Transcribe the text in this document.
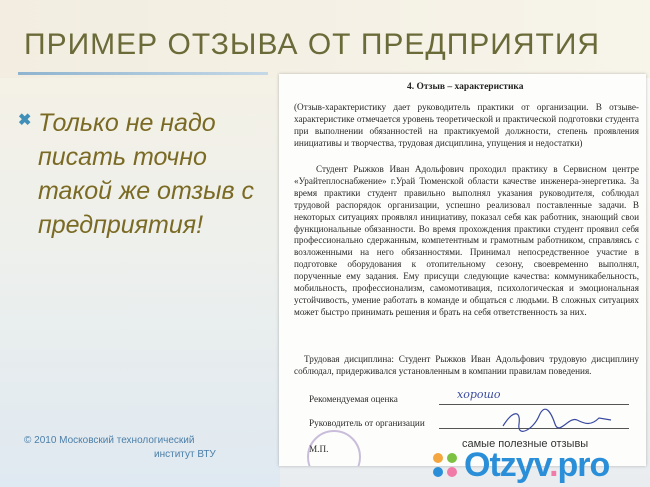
ПРИМЕР ОТЗЫВА ОТ ПРЕДПРИЯТИЯ
✖ Только не надо писать точно такой же отзыв с предприятия!
© 2010 Московский технологический
институт ВТУ
4. Отзыв – характеристика
(Отзыв-характеристику дает руководитель практики от организации. В отзыве-характеристике отмечается уровень теоретической и практической подготовки студента при выполнении обязанностей на практикуемой должности, степень проявления инициативы и творчества, трудовая дисциплина, упущения и недостатки)
Студент Рыжков Иван Адольфович проходил практику в Сервисном центре «Урайтеплоснабжение» г.Урай Тюменской области качестве инженера-энергетика. За время практики студент правильно выполнял указания руководителя, соблюдал трудовой распорядок организации, успешно реализовал поставленные задачи. В некоторых ситуациях проявлял инициативу, показал себя как работник, знающий свои функциональные обязанности. Во время прохождения практики студент проявил себя профессионально сдержанным, компетентным и грамотным работником, справляясь с возложенными на него обязанностями. Принимал непосредственное участие в подготовке оборудования к отопительному сезону, своевременно выполнял, порученные ему задания. Ему присущи следующие качества: коммуникабельность, мобильность, профессионализм, самомотивация, психологическая и эмоциональная устойчивость, умение работать в команде и общаться с людьми. В сложных ситуациях может быстро принимать решения и брать на себя ответственность за них.
Трудовая дисциплина: Студент Рыжков Иван Адольфович трудовую дисциплину соблюдал, придерживался установленным в компании правилам поведения.
Рекомендуемая оценка	хорошо
Руководитель от организации
М.П.	самые полезные отзывы
Otzyv.pro
